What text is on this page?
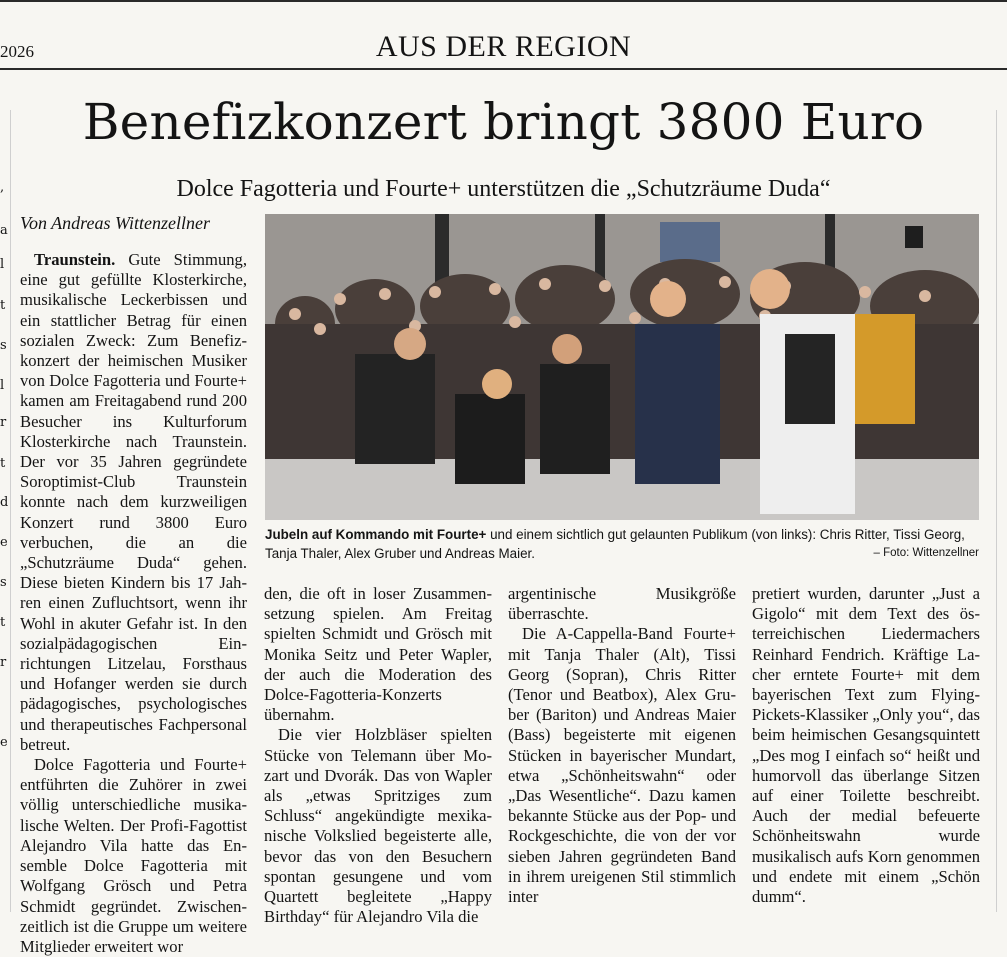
2026	AUS DER REGION
,
a
l
t
s
l
r
t
d
e
s
t
r
e
Benefizkonzert bringt 3800 Euro
Dolce Fagotteria und Fourte+ unterstützen die „Schutzräume Duda“
Von Andreas Wittenzellner

Traunstein. Gute Stimmung, eine gut gefüllte Klosterkirche, musikalische Leckerbissen und ein stattlicher Betrag für einen sozialen Zweck: Zum Benefizkonzert der heimischen Musiker von Dolce Fagotteria und Fourte+ kamen am Freitagabend rund 200 Besucher ins Kulturforum Klosterkirche nach Traunstein. Der vor 35 Jahren gegründete Soroptimist-Club Traunstein konnte nach dem kurzweiligen Konzert rund 3800 Euro verbuchen, die an die „Schutzräume Duda“ gehen. Diese bieten Kindern bis 17 Jahren einen Zufluchtsort, wenn ihr Wohl in akuter Gefahr ist. In den sozialpädagogischen Einrichtungen Litzelau, Forsthaus und Hofanger werden sie durch pädagogisches, psychologisches und therapeutisches Fachpersonal betreut.

Dolce Fagotteria und Fourte+ entführten die Zuhörer in zwei völlig unterschiedliche musikalische Welten. Der Profi-Fagottist Alejandro Vila hatte das Ensemble Dolce Fagotteria mit Wolfgang Grösch und Petra Schmidt gegründet. Zwischenzeitlich ist die Gruppe um weitere Mitglieder erweitert wor

Jubeln auf Kommando mit Fourte+ und einem sichtlich gut gelaunten Publikum (von links): Chris Ritter, Tissi Georg, Tanja Thaler, Alex Gruber und Andreas Maier.	– Foto: Wittenzellner

den, die oft in loser Zusammensetzung spielen. Am Freitag spielten Schmidt und Grösch mit Monika Seitz und Peter Wapler, der auch die Moderation des Dolce-Fagotteria-Konzerts übernahm.

Die vier Holzbläser spielten Stücke von Telemann über Mozart und Dvorák. Das von Wapler als „etwas Spritziges zum Schluss“ angekündigte mexikanische Volkslied begeisterte alle, bevor das von den Besuchern spontan gesungene und vom Quartett begleitete „Happy Birthday“ für Alejandro Vila die

argentinische Musikgröße überraschte.

Die A-Cappella-Band Fourte+ mit Tanja Thaler (Alt), Tissi Georg (Sopran), Chris Ritter (Tenor und Beatbox), Alex Gruber (Bariton) und Andreas Maier (Bass) begeisterte mit eigenen Stücken in bayerischer Mundart, etwa „Schönheitswahn“ oder „Das Wesentliche“. Dazu kamen bekannte Stücke aus der Pop- und Rockgeschichte, die von der vor sieben Jahren gegründeten Band in ihrem ureigenen Stil stimmlich inter

pretiert wurden, darunter „Just a Gigolo“ mit dem Text des österreichischen Liedermachers Reinhard Fendrich. Kräftige Lacher erntete Fourte+ mit dem bayerischen Text zum Flying-Pickets-Klassiker „Only you“, das beim heimischen Gesangsquintett „Des mog I einfach so“ heißt und humorvoll das überlange Sitzen auf einer Toilette beschreibt. Auch der medial befeuerte Schönheitswahn wurde musikalisch aufs Korn genommen und endete mit einem „Schön dumm“.
